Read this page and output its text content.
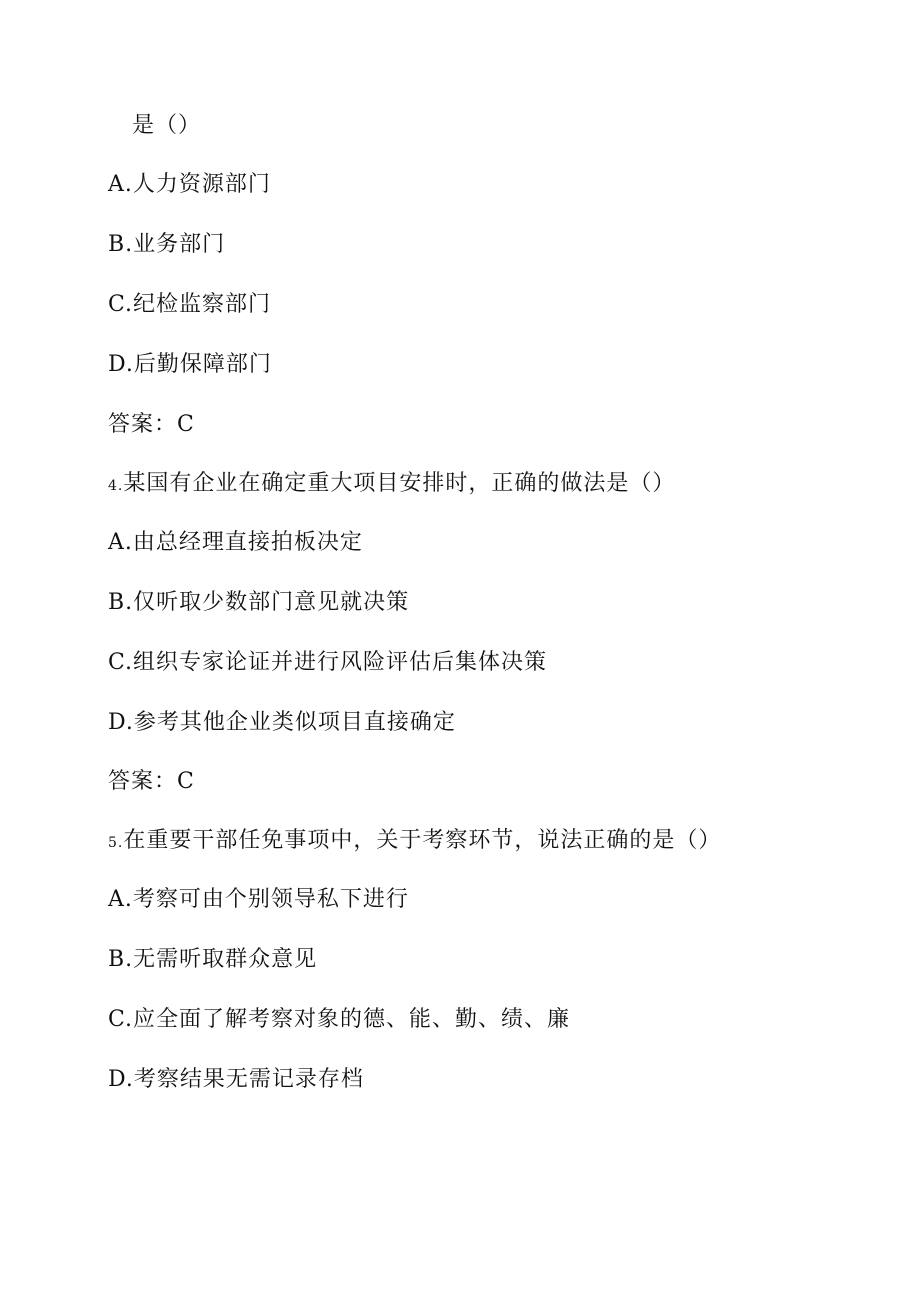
是（）
A.人力资源部门
B.业务部门
C.纪检监察部门
D.后勤保障部门
答案：C
4.某国有企业在确定重大项目安排时，正确的做法是（）
A.由总经理直接拍板决定
B.仅听取少数部门意见就决策
C.组织专家论证并进行风险评估后集体决策
D.参考其他企业类似项目直接确定
答案：C
5.在重要干部任免事项中，关于考察环节，说法正确的是（）
A.考察可由个别领导私下进行
B.无需听取群众意见
C.应全面了解考察对象的德、能、勤、绩、廉
D.考察结果无需记录存档
